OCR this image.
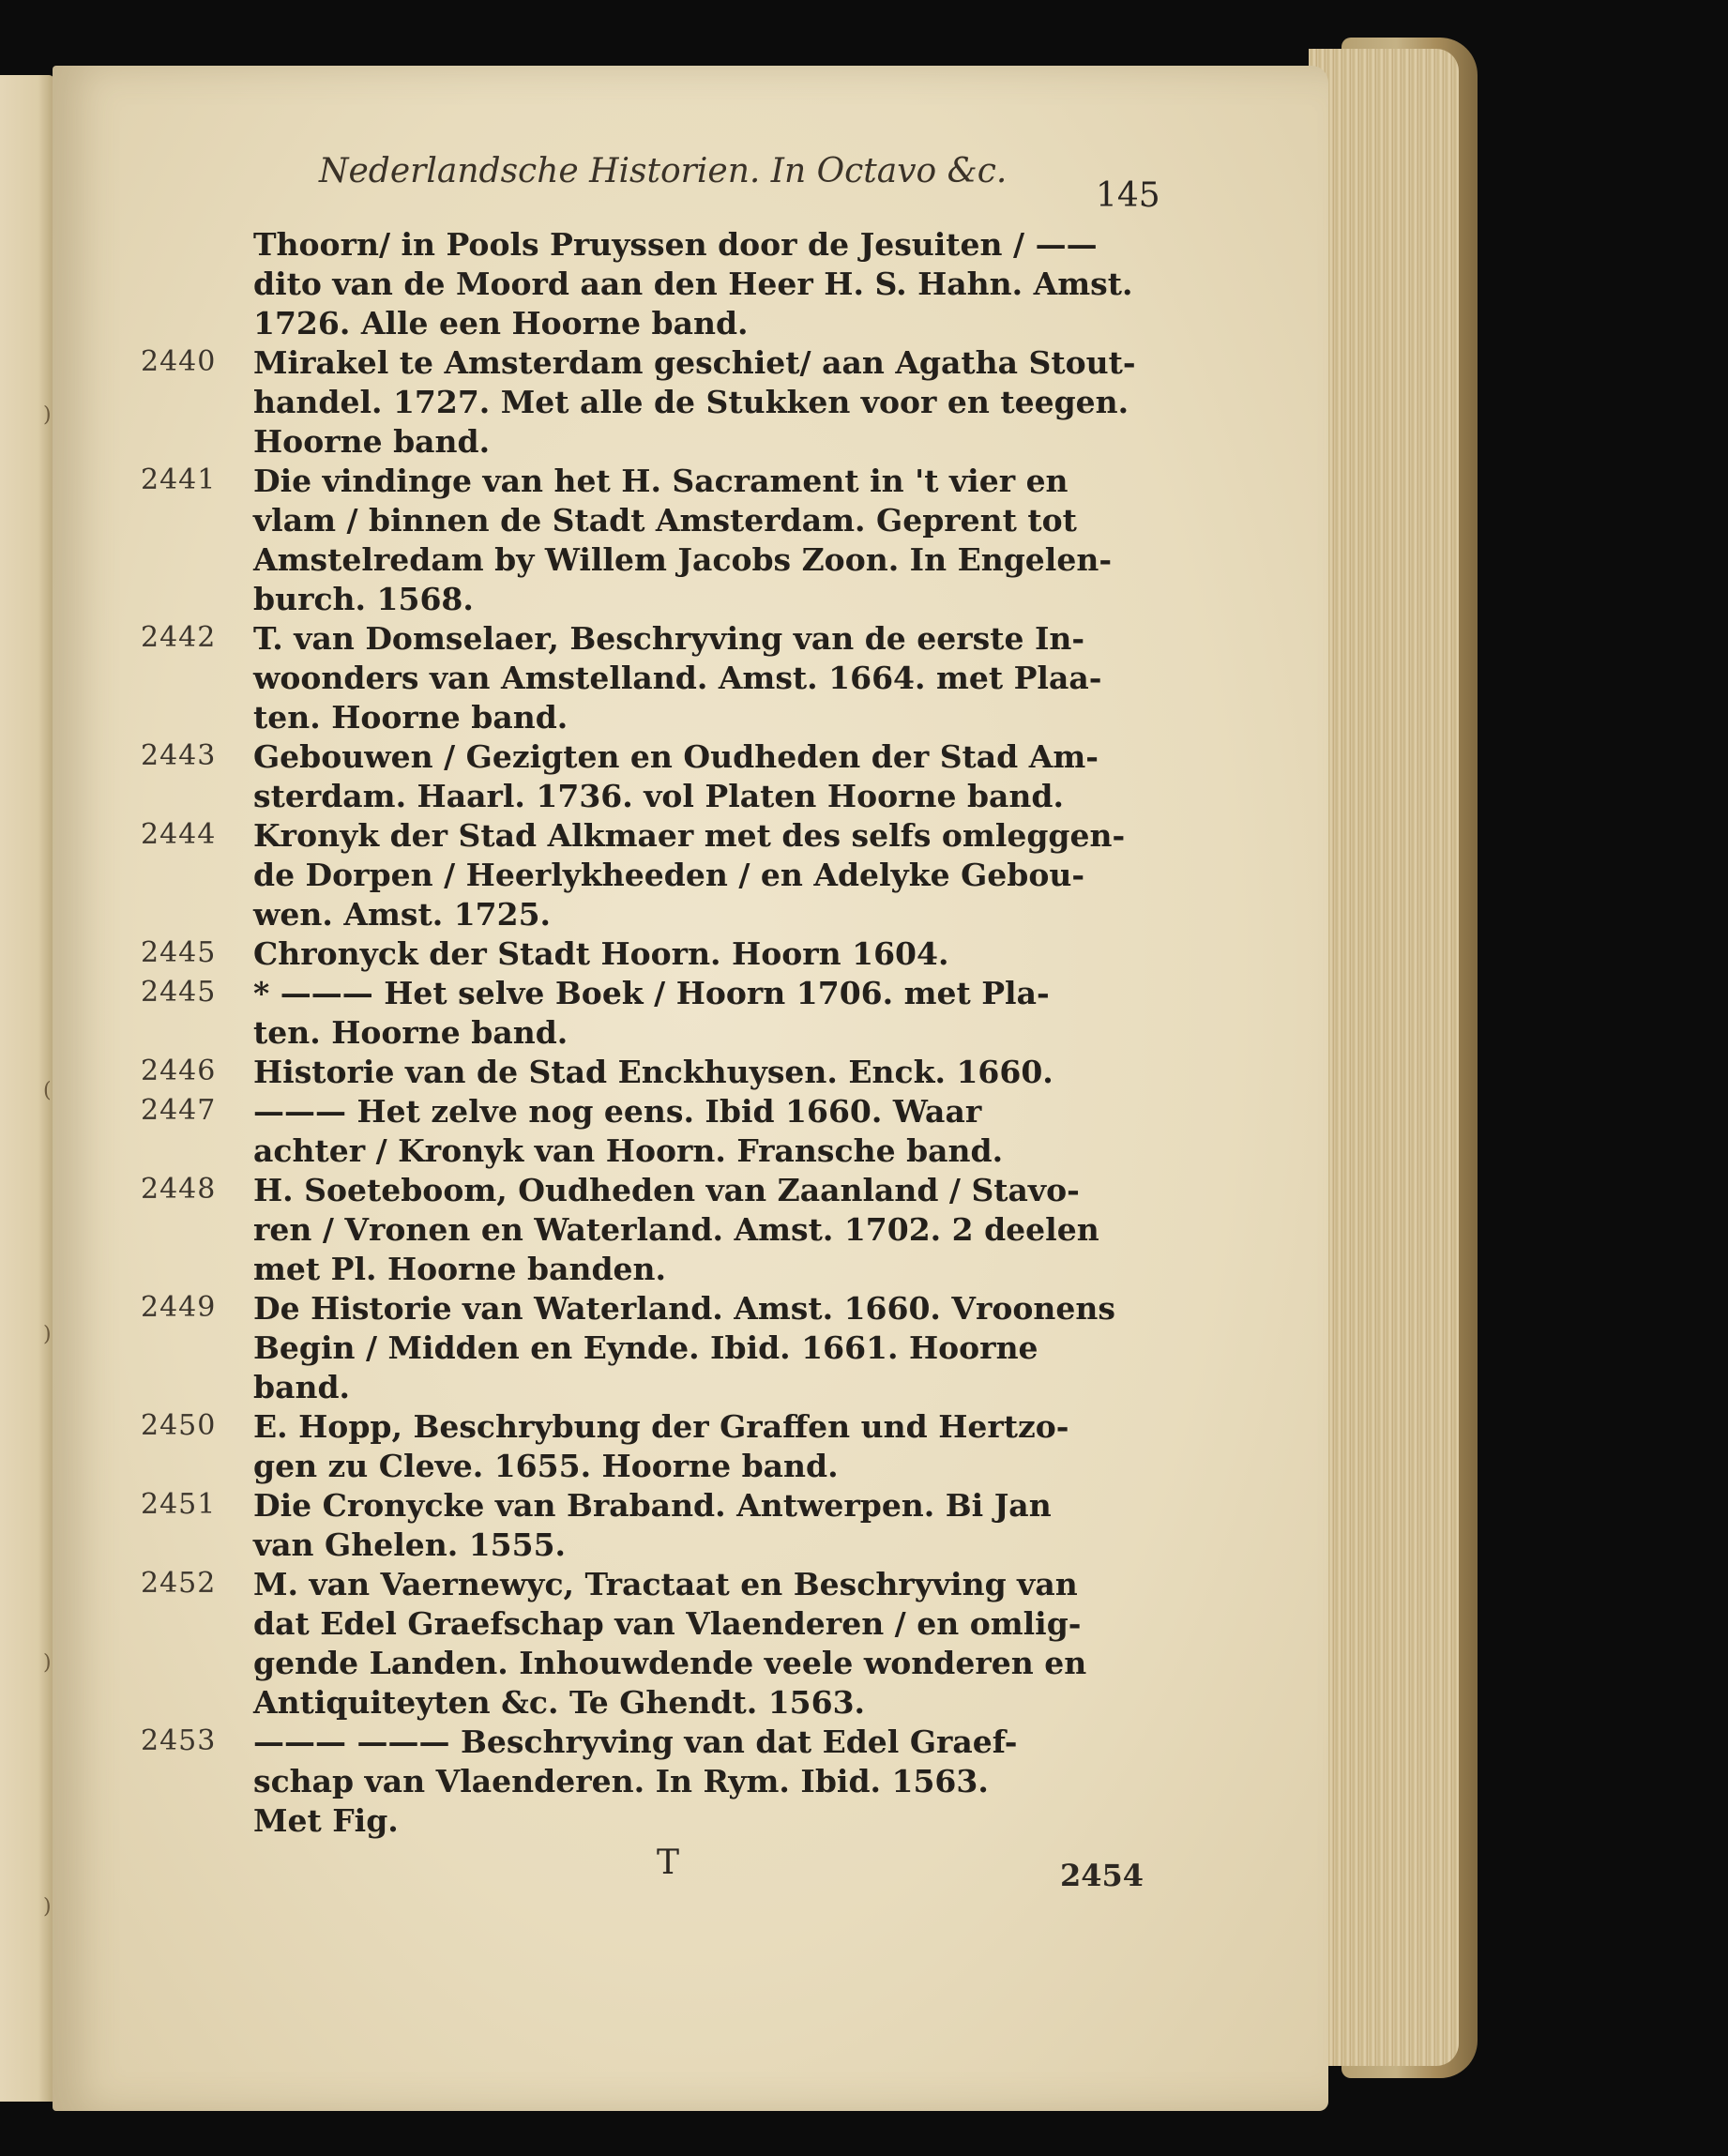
)
(
)
)
)
Nederlandsche Historien. In Octavo &c.
145
Thoorn/ in Pools Pruyssen door de Jesuiten / ——
dito van de Moord aan den Heer H. S. Hahn. Amst.
1726. Alle een Hoorne band.
2440	Mirakel te Amsterdam geschiet/ aan Agatha Stout-
handel. 1727. Met alle de Stukken voor en teegen.
Hoorne band.
2441	Die vindinge van het H. Sacrament in 't vier en
vlam / binnen de Stadt Amsterdam. Geprent tot
Amstelredam by Willem Jacobs Zoon. In Engelen-
burch. 1568.
2442	T. van Domselaer, Beschryving van de eerste In-
woonders van Amstelland. Amst. 1664. met Plaa-
ten. Hoorne band.
2443	Gebouwen / Gezigten en Oudheden der Stad Am-
sterdam. Haarl. 1736. vol Platen Hoorne band.
2444	Kronyk der Stad Alkmaer met des selfs omleggen-
de Dorpen / Heerlykheeden / en Adelyke Gebou-
wen. Amst. 1725.
2445	Chronyck der Stadt Hoorn. Hoorn 1604.
2445	* ——— Het selve Boek / Hoorn 1706. met Pla-
ten. Hoorne band.
2446	Historie van de Stad Enckhuysen. Enck. 1660.
2447	——— Het zelve nog eens. Ibid 1660. Waar
achter / Kronyk van Hoorn. Fransche band.
2448	H. Soeteboom, Oudheden van Zaanland / Stavo-
ren / Vronen en Waterland. Amst. 1702. 2 deelen
met Pl. Hoorne banden.
2449	De Historie van Waterland. Amst. 1660. Vroonens
Begin / Midden en Eynde. Ibid. 1661. Hoorne
band.
2450	E. Hopp, Beschrybung der Graffen und Hertzo-
gen zu Cleve. 1655. Hoorne band.
2451	Die Cronycke van Braband. Antwerpen. Bi Jan
van Ghelen. 1555.
2452	M. van Vaernewyc, Tractaat en Beschryving van
dat Edel Graefschap van Vlaenderen / en omlig-
gende Landen. Inhouwdende veele wonderen en
Antiquiteyten &c. Te Ghendt. 1563.
2453	——— ——— Beschryving van dat Edel Graef-
schap van Vlaenderen. In Rym. Ibid. 1563.
Met Fig.
T	2454
